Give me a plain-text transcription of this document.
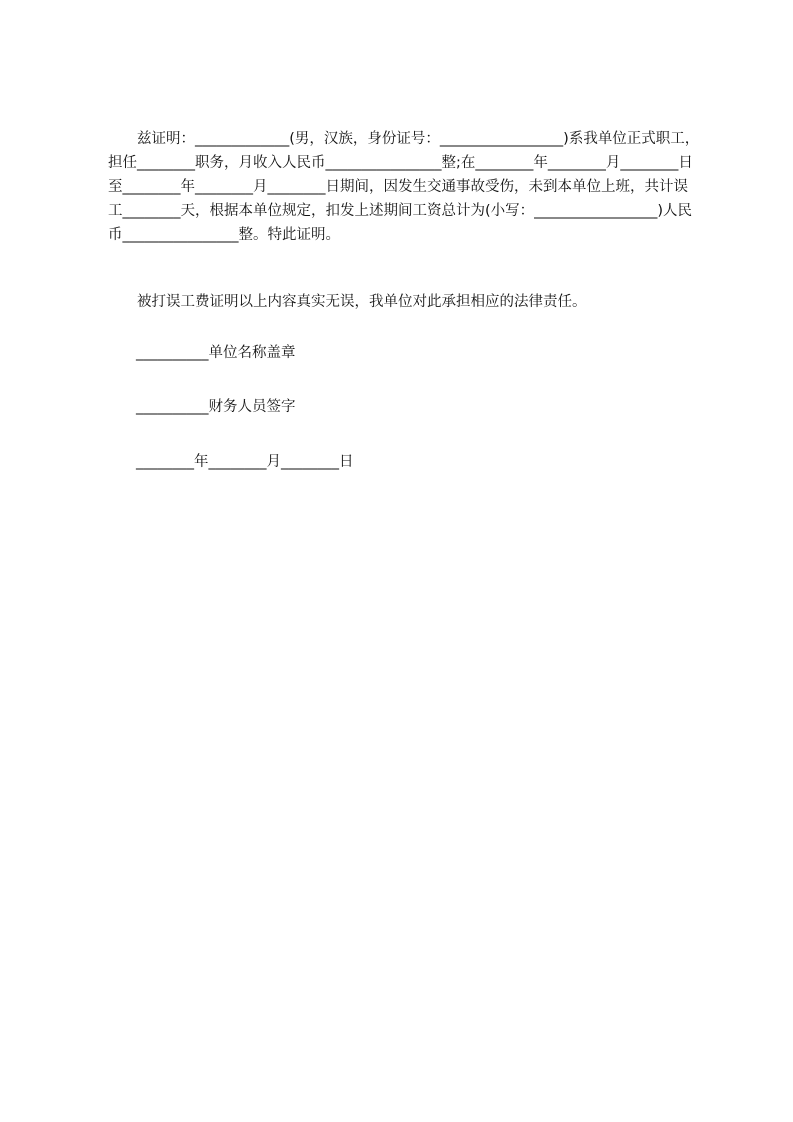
兹证明：_____________(男，汉族，身份证号：_________________)系我单位正式职工，担任________职务，月收入人民币________________整;在________年________月________日至________年________月________日期间，因发生交通事故受伤，未到本单位上班，共计误工________天，根据本单位规定，扣发上述期间工资总计为(小写：_________________)人民币________________整。特此证明。

被打误工费证明以上内容真实无误，我单位对此承担相应的法律责任。

__________单位名称盖章
__________财务人员签字
________年________月________日
